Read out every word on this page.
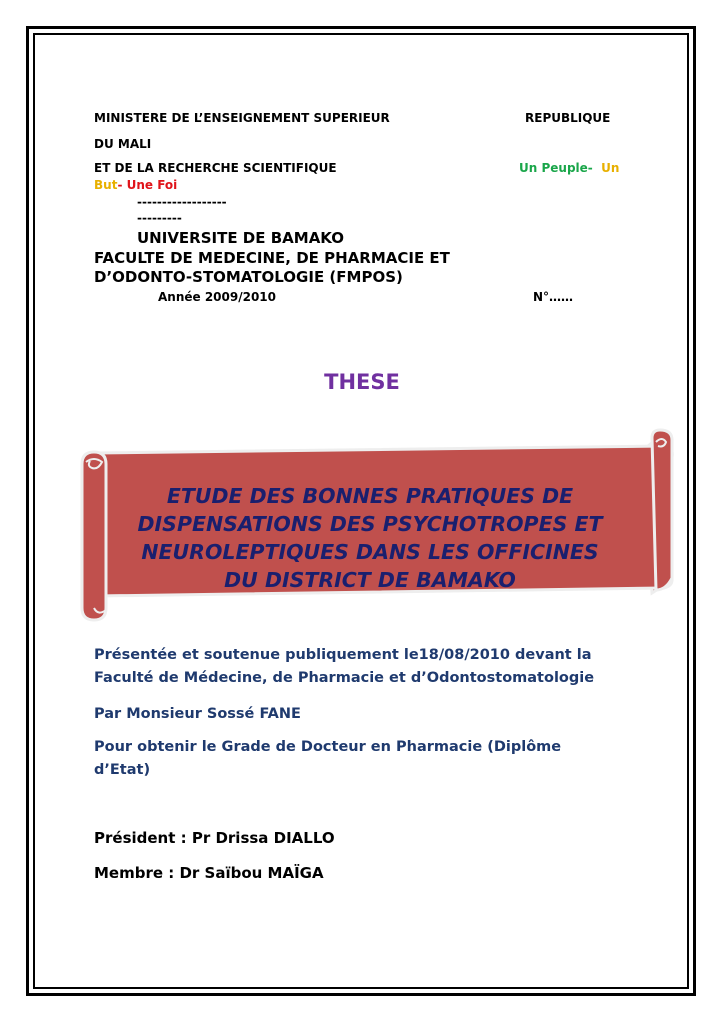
MINISTERE DE L’ENSEIGNEMENT SUPERIEUR	REPUBLIQUE
DU MALI
ET DE LA RECHERCHE SCIENTIFIQUE	Un Peuple- Un
But- Une Foi
------------------
---------
UNIVERSITE DE BAMAKO
FACULTE DE MEDECINE, DE PHARMACIE ET
D’ODONTO-STOMATOLOGIE (FMPOS)
Année 2009/2010	N°……
THESE
ETUDE DES BONNES PRATIQUES DE
DISPENSATIONS DES PSYCHOTROPES ET
NEUROLEPTIQUES DANS LES OFFICINES
DU DISTRICT DE BAMAKO
Présentée et soutenue publiquement le18/08/2010 devant la
Faculté de Médecine, de Pharmacie et d’Odontostomatologie
Par Monsieur Sossé FANE
Pour obtenir le Grade de Docteur en Pharmacie (Diplôme
d’Etat)
Président : Pr Drissa DIALLO
Membre : Dr Saïbou MAÏGA
